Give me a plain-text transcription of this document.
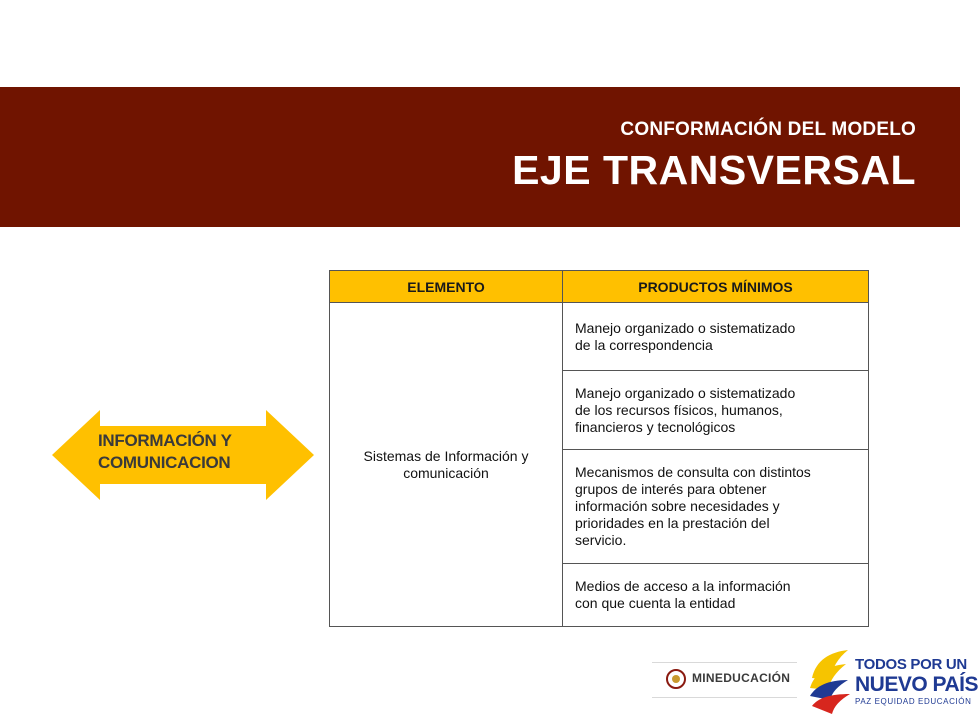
CONFORMACIÓN DEL MODELO
EJE TRANSVERSAL
INFORMACIÓN Y
COMUNICACION
ELEMENTO	PRODUCTOS MÍNIMOS
Sistemas de Información y comunicación	Manejo organizado o sistematizado
de la correspondencia

	Manejo organizado o sistematizado
de los recursos físicos, humanos,
financieros y tecnológicos

	Mecanismos de consulta con distintos
grupos de interés para obtener
información sobre necesidades y
prioridades en la prestación del
servicio.

	Medios de acceso a la información
con que cuenta la entidad
MINEDUCACIÓN
TODOS POR UN
NUEVO PAÍS
PAZ EQUIDAD EDUCACIÓN
